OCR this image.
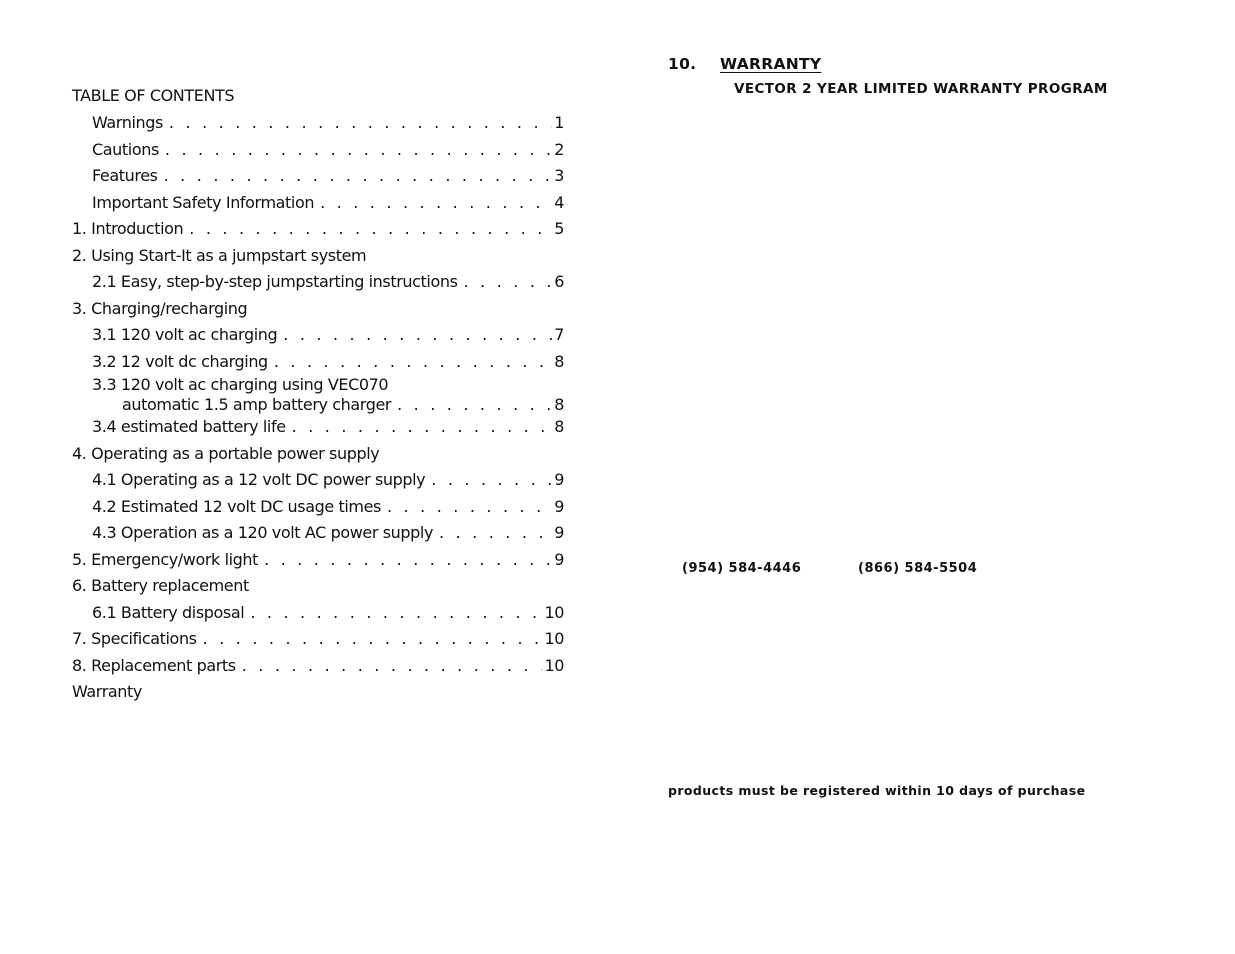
TABLE OF CONTENTS
Warnings . . .	1
Cautions . . .	2
Features . . .	3
Important Safety Information . . .	4
1. Introduction . . .	5
2. Using Start-It as a jumpstart system
2.1 Easy, step-by-step jumpstarting instructions . . .	6
3. Charging/recharging
3.1 120 volt ac charging . . .	7
3.2 12 volt dc charging . . .	8
3.3 120 volt ac charging using VEC070
automatic 1.5 amp battery charger . . .	8
3.4 estimated battery life . . .	8
4. Operating as a portable power supply
4.1 Operating as a 12 volt DC power supply . . .	9
4.2 Estimated 12 volt DC usage times . . .	9
4.3 Operation as a 120 volt AC power supply . . .	9
5. Emergency/work light . . .	9
6. Battery replacement
6.1 Battery disposal . . .	10
7. Specifications . . .	10
8. Replacement parts . . .	10
Warranty
10. WARRANTY
VECTOR 2 YEAR LIMITED WARRANTY PROGRAM
(954) 584-4446	(866) 584-5504
products must be registered within 10 days of purchase
